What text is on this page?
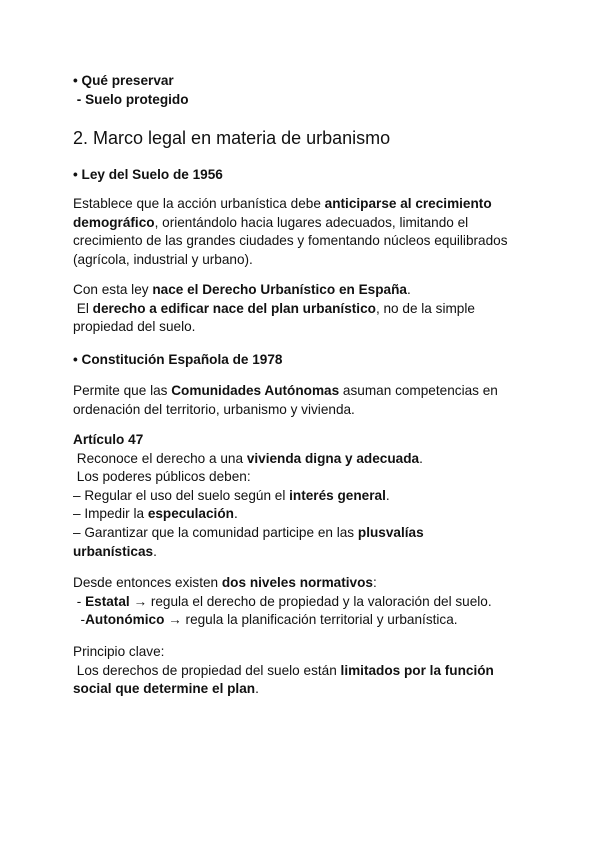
• Qué preservar
- Suelo protegido
2. Marco legal en materia de urbanismo
• Ley del Suelo de 1956
Establece que la acción urbanística debe anticiparse al crecimiento
demográfico, orientándolo hacia lugares adecuados, limitando el
crecimiento de las grandes ciudades y fomentando núcleos equilibrados
(agrícola, industrial y urbano).
Con esta ley nace el Derecho Urbanístico en España.
El derecho a edificar nace del plan urbanístico, no de la simple
propiedad del suelo.
• Constitución Española de 1978
Permite que las Comunidades Autónomas asuman competencias en
ordenación del territorio, urbanismo y vivienda.
Artículo 47
Reconoce el derecho a una vivienda digna y adecuada.
Los poderes públicos deben:
– Regular el uso del suelo según el interés general.
– Impedir la especulación.
– Garantizar que la comunidad participe en las plusvalías
urbanísticas.
Desde entonces existen dos niveles normativos:
- Estatal → regula el derecho de propiedad y la valoración del suelo.
-Autonómico → regula la planificación territorial y urbanística.
Principio clave:
Los derechos de propiedad del suelo están limitados por la función
social que determine el plan.
